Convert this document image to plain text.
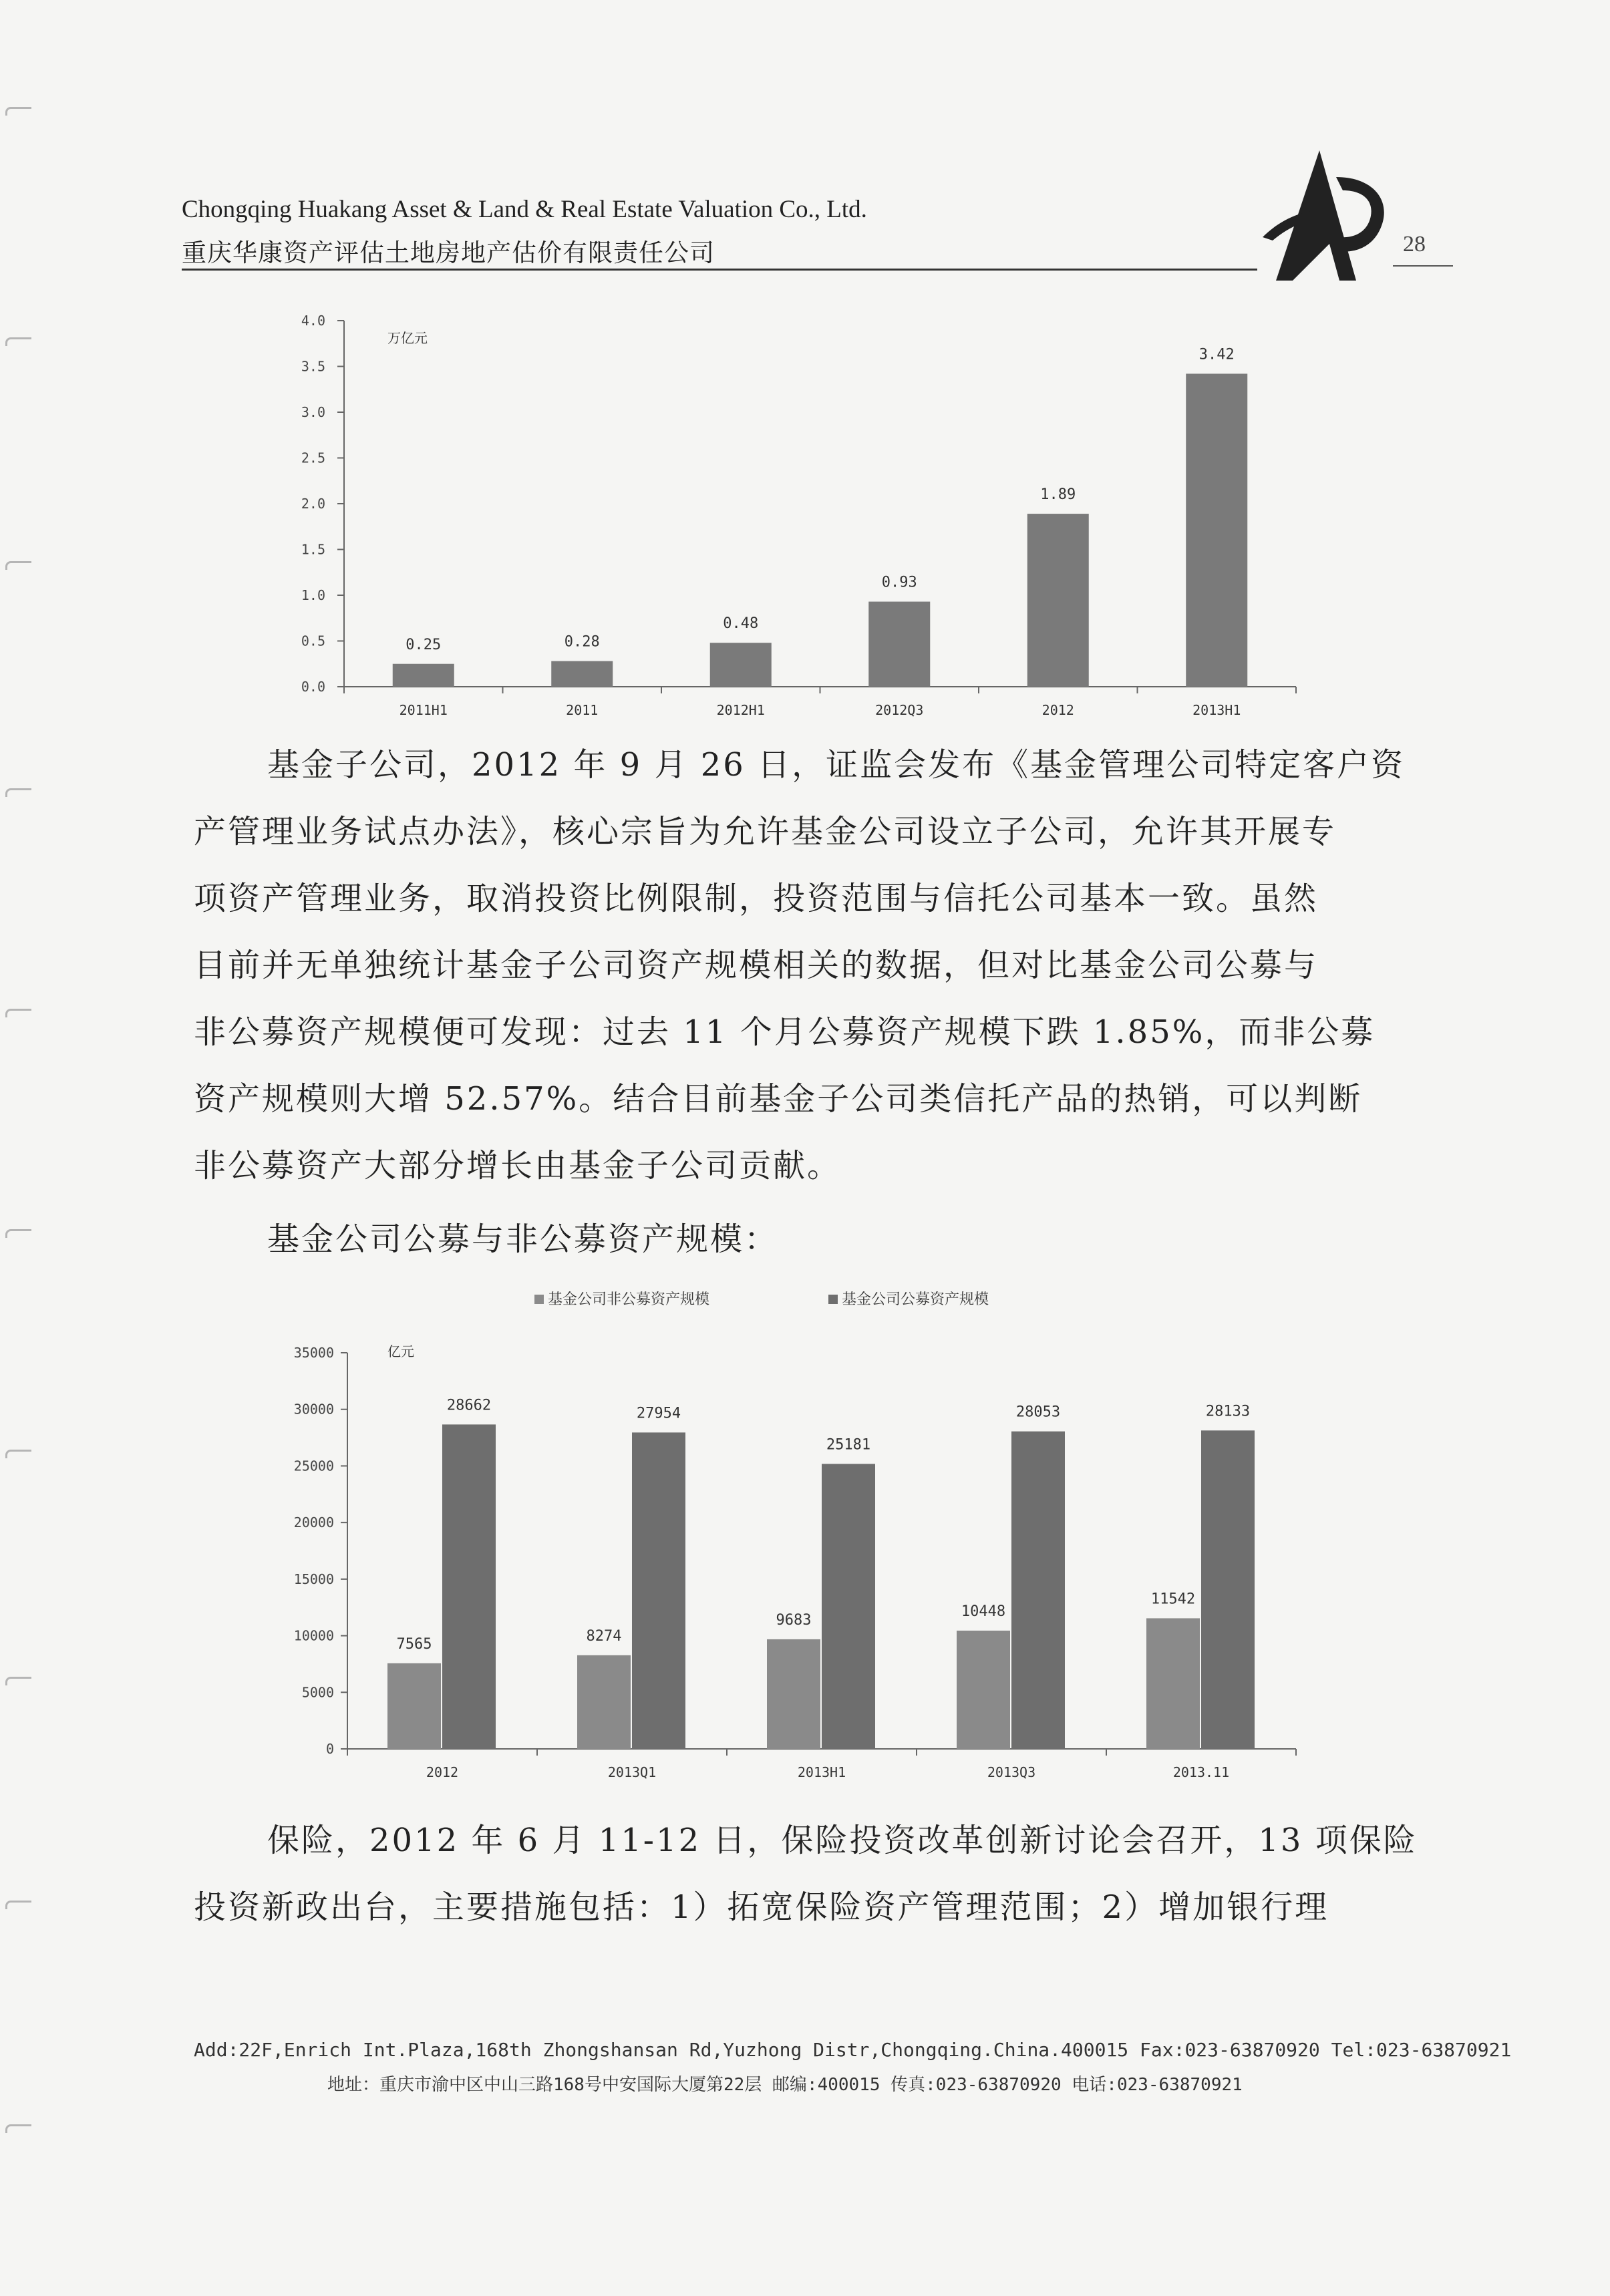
Chongqing Huakang Asset & Land & Real Estate Valuation Co., Ltd.
重庆华康资产评估土地房地产估价有限责任公司	28
0.0
0.5
1.0
1.5
2.0
2.5
3.0
3.5
4.0
万亿元
0.25
2011H1
0.28
2011
0.48
2012H1
0.93
2012Q3
1.89
2012
3.42
2013H1
基金子公司，2012 年 9 月 26 日，证监会发布《基金管理公司特定客户资
产管理业务试点办法》，核心宗旨为允许基金公司设立子公司，允许其开展专
项资产管理业务，取消投资比例限制，投资范围与信托公司基本一致。虽然
目前并无单独统计基金子公司资产规模相关的数据，但对比基金公司公募与
非公募资产规模便可发现：过去 11 个月公募资产规模下跌 1.85%，而非公募
资产规模则大增 52.57%。结合目前基金子公司类信托产品的热销，可以判断
非公募资产大部分增长由基金子公司贡献。
基金公司公募与非公募资产规模：
基金公司非公募资产规模	基金公司公募资产规模
0
5000
10000
15000
20000
25000
30000
35000	亿元
7565
28662
2012
8274
27954
2013Q1
9683
25181
2013H1
10448
28053
2013Q3
11542
28133
2013.11
保险，2012 年 6 月 11-12 日，保险投资改革创新讨论会召开，13 项保险
投资新政出台，主要措施包括：1）拓宽保险资产管理范围；2）增加银行理
Add:22F,Enrich Int.Plaza,168th Zhongshansan Rd,Yuzhong Distr,Chongqing.China.400015 Fax:023-63870920 Tel:023-63870921
地址：重庆市渝中区中山三路168号中安国际大厦第22层 邮编:400015 传真:023-63870920 电话:023-63870921
